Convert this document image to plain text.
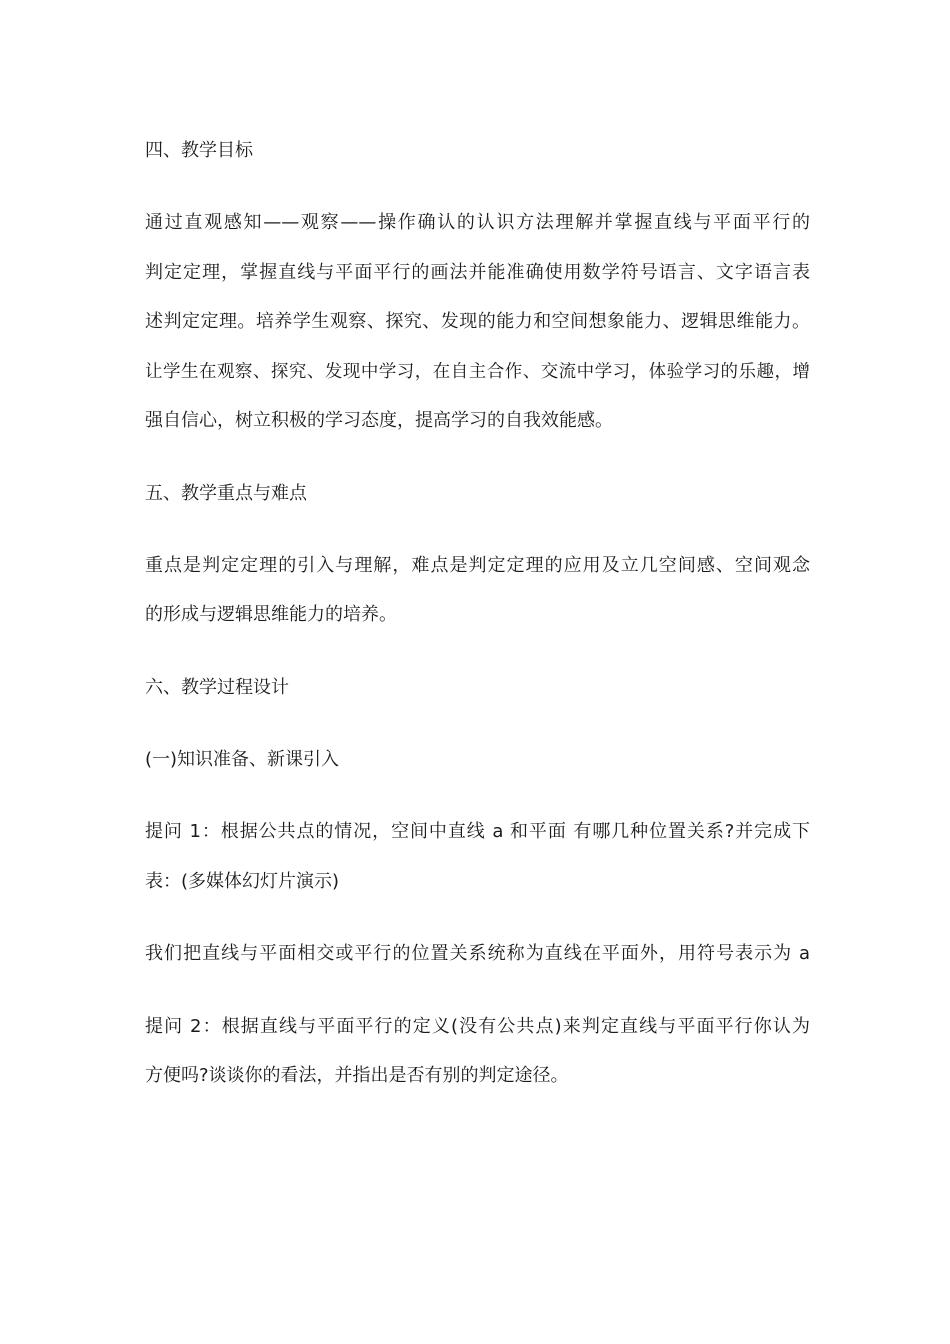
四、教学目标
通过直观感知——观察——操作确认的认识方法理解并掌握直线与平面平行的
判定定理，掌握直线与平面平行的画法并能准确使用数学符号语言、文字语言表
述判定定理。培养学生观察、探究、发现的能力和空间想象能力、逻辑思维能力。
让学生在观察、探究、发现中学习，在自主合作、交流中学习，体验学习的乐趣，增
强自信心，树立积极的学习态度，提高学习的自我效能感。
五、教学重点与难点
重点是判定定理的引入与理解，难点是判定定理的应用及立几空间感、空间观念
的形成与逻辑思维能力的培养。
六、教学过程设计
(一)知识准备、新课引入
提问 1：根据公共点的情况，空间中直线 a 和平面 有哪几种位置关系?并完成下
表：(多媒体幻灯片演示)
我们把直线与平面相交或平行的位置关系统称为直线在平面外，用符号表示为 a
提问 2：根据直线与平面平行的定义(没有公共点)来判定直线与平面平行你认为
方便吗?谈谈你的看法，并指出是否有别的判定途径。
